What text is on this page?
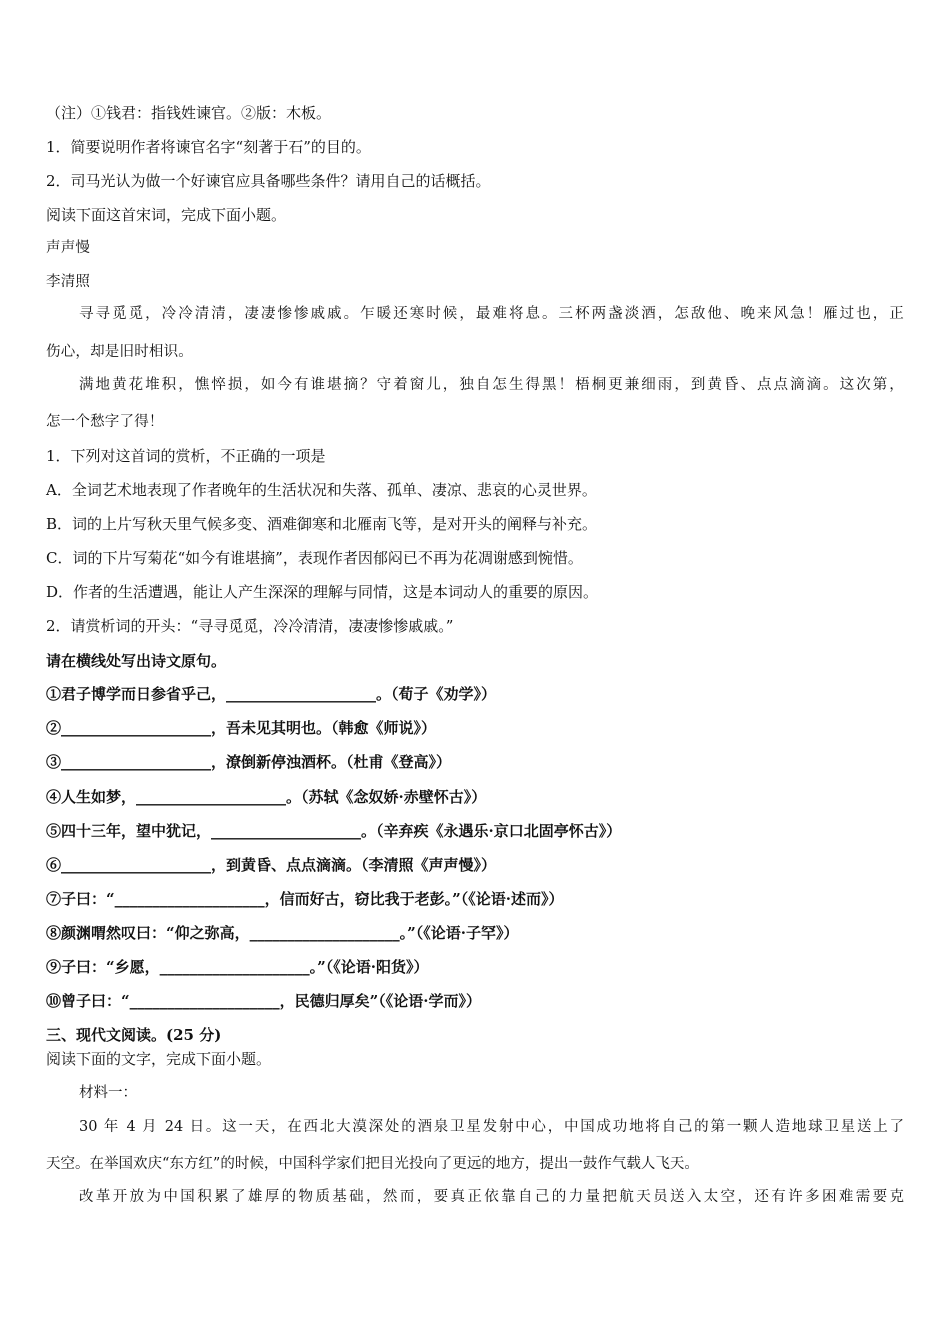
（注）①钱君：指钱姓谏官。②版：木板。
1．简要说明作者将谏官名字“刻著于石”的目的。
2．司马光认为做一个好谏官应具备哪些条件？请用自己的话概括。
阅读下面这首宋词，完成下面小题。
声声慢
李清照
寻寻觅觅，冷冷清清，凄凄惨惨戚戚。乍暖还寒时候，最难将息。三杯两盏淡酒，怎敌他、晚来风急！雁过也，正
伤心，却是旧时相识。
满地黄花堆积，憔悴损，如今有谁堪摘？守着窗儿，独自怎生得黑！梧桐更兼细雨，到黄昏、点点滴滴。这次第，
怎一个愁字了得！
1．下列对这首词的赏析，不正确的一项是
A．全词艺术地表现了作者晚年的生活状况和失落、孤单、凄凉、悲哀的心灵世界。
B．词的上片写秋天里气候多变、酒难御寒和北雁南飞等，是对开头的阐释与补充。
C．词的下片写菊花“如今有谁堪摘”，表现作者因郁闷已不再为花凋谢感到惋惜。
D．作者的生活遭遇，能让人产生深深的理解与同情，这是本词动人的重要的原因。
2．请赏析词的开头：“寻寻觅觅，冷冷清清，凄凄惨惨戚戚。”
请在横线处写出诗文原句。
①君子博学而日参省乎己，____________________。（荀子《劝学》）
②____________________，吾未见其明也。（韩愈《师说》）
③____________________，潦倒新停浊酒杯。（杜甫《登高》）
④人生如梦，____________________。（苏轼《念奴娇·赤壁怀古》）
⑤四十三年，望中犹记，____________________。（辛弃疾《永遇乐·京口北固亭怀古》）
⑥____________________，到黄昏、点点滴滴。（李清照《声声慢》）
⑦子曰：“____________________，信而好古，窃比我于老彭。”（《论语·述而》）
⑧颜渊喟然叹曰：“仰之弥高，____________________。”（《论语·子罕》）
⑨子曰：“乡愿，____________________。”（《论语·阳货》）
⑩曾子曰：“____________________，民德归厚矣”（《论语·学而》）
三、现代文阅读。(25 分)
阅读下面的文字，完成下面小题。
材料一：
30 年 4 月 24 日。这一天，在西北大漠深处的酒泉卫星发射中心，中国成功地将自己的第一颗人造地球卫星送上了
天空。在举国欢庆“东方红”的时候，中国科学家们把目光投向了更远的地方，提出一鼓作气载人飞天。
改革开放为中国积累了雄厚的物质基础，然而，要真正依靠自己的力量把航天员送入太空，还有许多困难需要克
